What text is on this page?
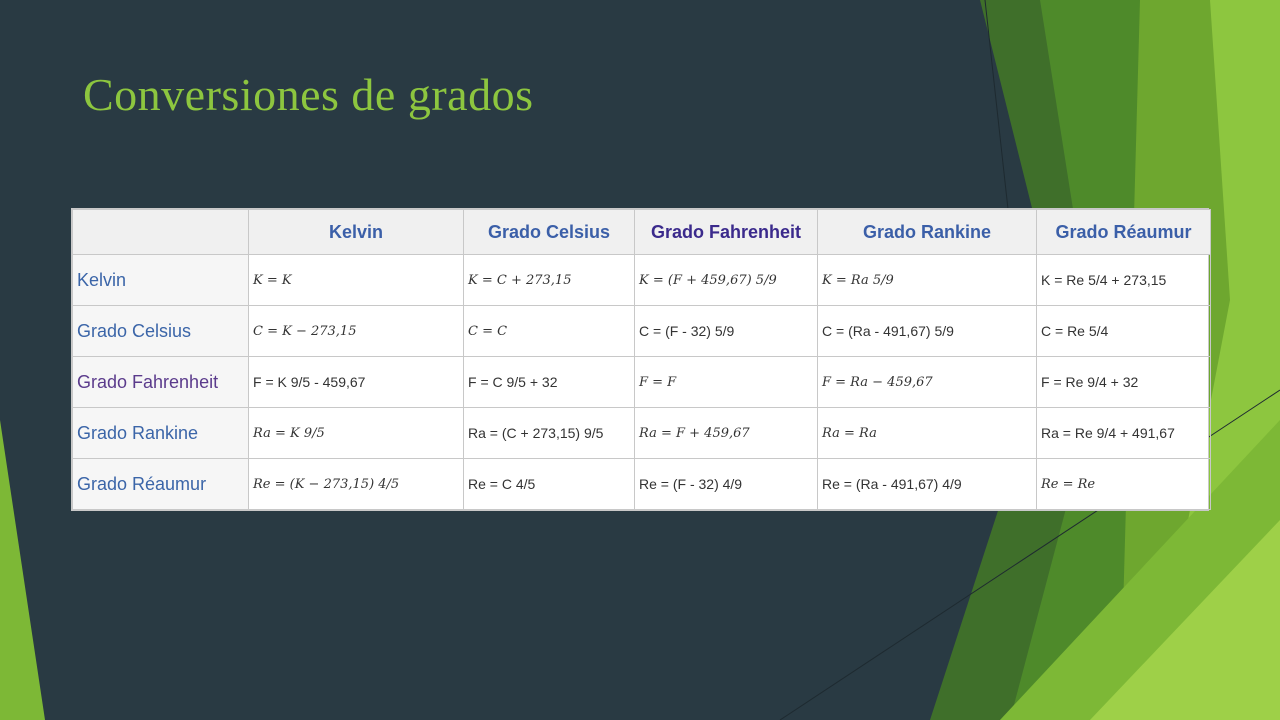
Conversiones de grados
	Kelvin	Grado Celsius	Grado Fahrenheit	Grado Rankine	Grado Réaumur
Kelvin	K = K	K = C + 273,15	K = (F + 459,67) 5/9	K = Ra 5/9	K = Re 5/4 + 273,15
Grado Celsius	C = K − 273,15	C = C	C = (F - 32) 5/9	C = (Ra - 491,67) 5/9	C = Re 5/4
Grado Fahrenheit	F = K 9/5 - 459,67	F = C 9/5 + 32	F = F	F = Ra − 459,67	F = Re 9/4 + 32
Grado Rankine	Ra = K 9/5	Ra = (C + 273,15) 9/5	Ra = F + 459,67	Ra = Ra	Ra = Re 9/4 + 491,67
Grado Réaumur	Re = (K − 273,15) 4/5	Re = C 4/5	Re = (F - 32) 4/9	Re = (Ra - 491,67) 4/9	Re = Re
